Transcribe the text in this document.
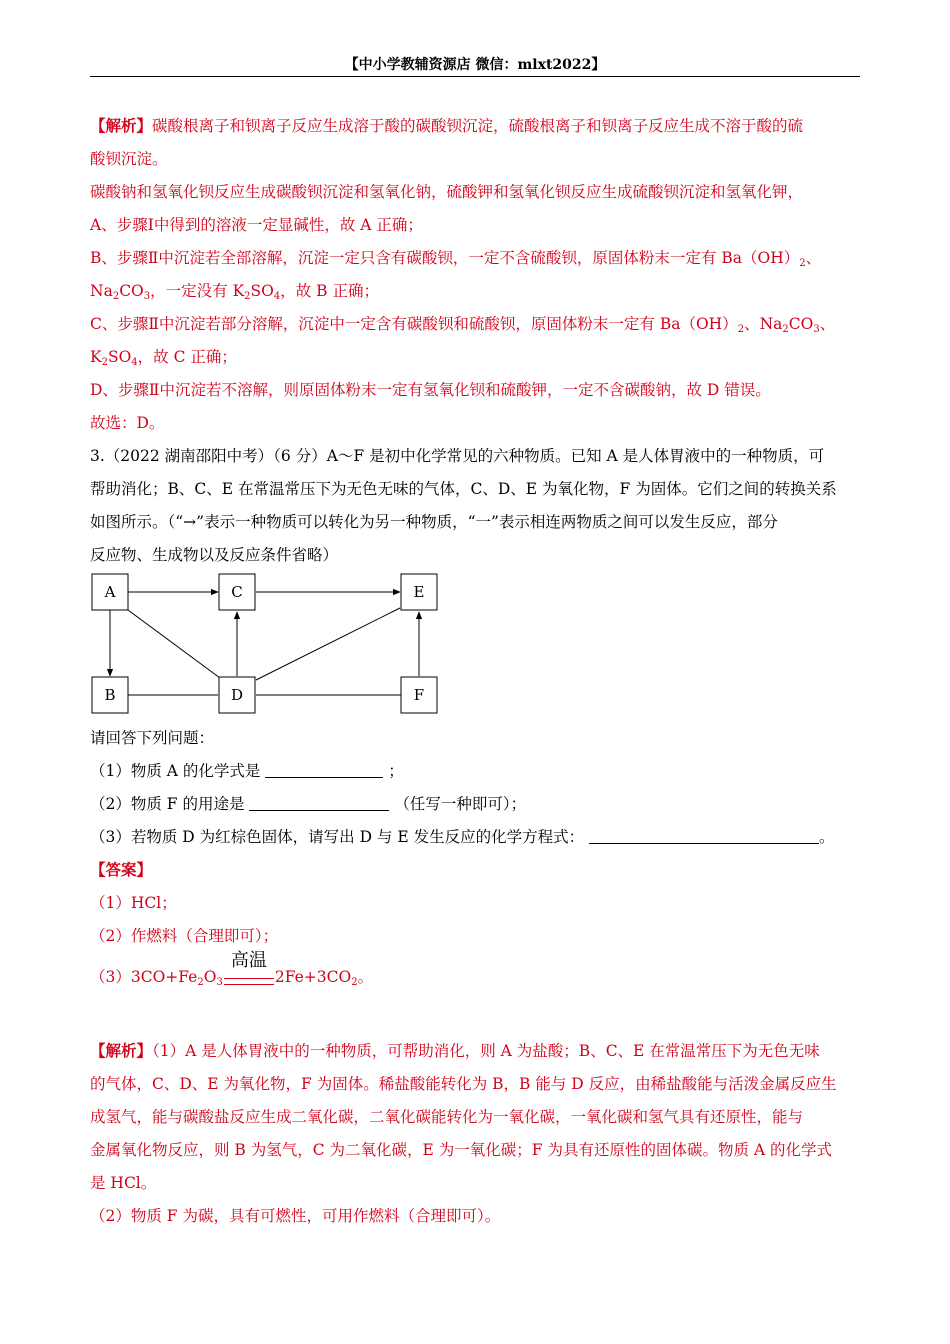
【中小学教辅资源店 微信：mlxt2022】
【解析】碳酸根离子和钡离子反应生成溶于酸的碳酸钡沉淀，硫酸根离子和钡离子反应生成不溶于酸的硫
酸钡沉淀。
碳酸钠和氢氧化钡反应生成碳酸钡沉淀和氢氧化钠，硫酸钾和氢氧化钡反应生成硫酸钡沉淀和氢氧化钾，
A、步骤Ⅰ中得到的溶液一定显碱性，故 A 正确；
B、步骤Ⅱ中沉淀若全部溶解，沉淀一定只含有碳酸钡，一定不含硫酸钡，原固体粉末一定有 $Ba(OH)_2$、
$Na_2CO_3$，一定没有 $K_2SO_4$，故 B 正确；
C、步骤Ⅱ中沉淀若部分溶解，沉淀中一定含有碳酸钡和硫酸钡，原固体粉末一定有 $Ba(OH)_2$、$Na_2CO_3$、
$K_2SO_4$，故 C 正确；
D、步骤Ⅱ中沉淀若不溶解，则原固体粉末一定有氢氧化钡和硫酸钾，一定不含碳酸钠，故 D 错误。
故选：D。
3.（2022 湖南邵阳中考）（6 分）A～F 是初中化学常见的六种物质。已知 A 是人体胃液中的一种物质，可
帮助消化；B、C、E 在常温常压下为无色无味的气体，C、D、E 为氧化物，F 为固体。它们之间的转换关系
如图所示。（“→”表示一种物质可以转化为另一种物质，“一”表示相连两物质之间可以发生反应，部分
反应物、生成物以及反应条件省略）
A	C	E
B	D	F
请回答下列问题：
（1）物质 A 的化学式是	；
（2）物质 F 的用途是	（任写一种即可）；
（3）若物质 D 为红棕色固体，请写出 D 与 E 发生反应的化学方程式：	。
【答案】
（1）HCl；
（2）作燃料（合理即可）；
$(3)3CO+Fe_2O_3$
高温
$2Fe+3CO_2$。
【解析】（1）A 是人体胃液中的一种物质，可帮助消化，则 A 为盐酸；B、C、E 在常温常压下为无色无味
的气体，C、D、E 为氧化物，F 为固体。稀盐酸能转化为 B，B 能与 D 反应，由稀盐酸能与活泼金属反应生
成氢气，能与碳酸盐反应生成二氧化碳，二氧化碳能转化为一氧化碳，一氧化碳和氢气具有还原性，能与
金属氧化物反应，则 B 为氢气，C 为二氧化碳，E 为一氧化碳；F 为具有还原性的固体碳。物质 A 的化学式
是 HCl。
（2）物质 F 为碳，具有可燃性，可用作燃料（合理即可）。
